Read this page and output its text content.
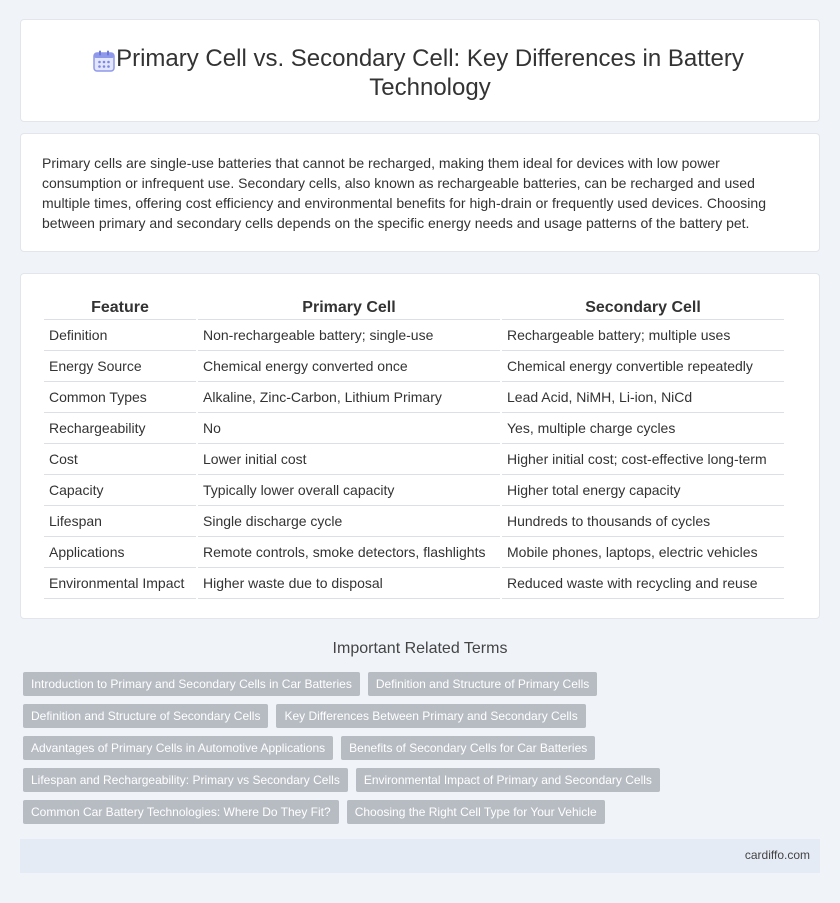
Primary Cell vs. Secondary Cell: Key Differences in Battery Technology

Primary cells are single-use batteries that cannot be recharged, making them ideal for devices with low power consumption or infrequent use. Secondary cells, also known as rechargeable batteries, can be recharged and used multiple times, offering cost efficiency and environmental benefits for high-drain or frequently used devices. Choosing between primary and secondary cells depends on the specific energy needs and usage patterns of the battery pet.

Feature	Primary Cell	Secondary Cell
Definition	Non-rechargeable battery; single-use	Rechargeable battery; multiple uses
Energy Source	Chemical energy converted once	Chemical energy convertible repeatedly
Common Types	Alkaline, Zinc-Carbon, Lithium Primary	Lead Acid, NiMH, Li-ion, NiCd
Rechargeability	No	Yes, multiple charge cycles
Cost	Lower initial cost	Higher initial cost; cost-effective long-term
Capacity	Typically lower overall capacity	Higher total energy capacity
Lifespan	Single discharge cycle	Hundreds to thousands of cycles
Applications	Remote controls, smoke detectors, flashlights	Mobile phones, laptops, electric vehicles
Environmental Impact	Higher waste due to disposal	Reduced waste with recycling and reuse
Important Related Terms
Introduction to Primary and Secondary Cells in Car Batteries	Definition and Structure of Primary Cells
Definition and Structure of Secondary Cells	Key Differences Between Primary and Secondary Cells
Advantages of Primary Cells in Automotive Applications	Benefits of Secondary Cells for Car Batteries
Lifespan and Rechargeability: Primary vs Secondary Cells	Environmental Impact of Primary and Secondary Cells
Common Car Battery Technologies: Where Do They Fit?	Choosing the Right Cell Type for Your Vehicle
cardiffo.com
